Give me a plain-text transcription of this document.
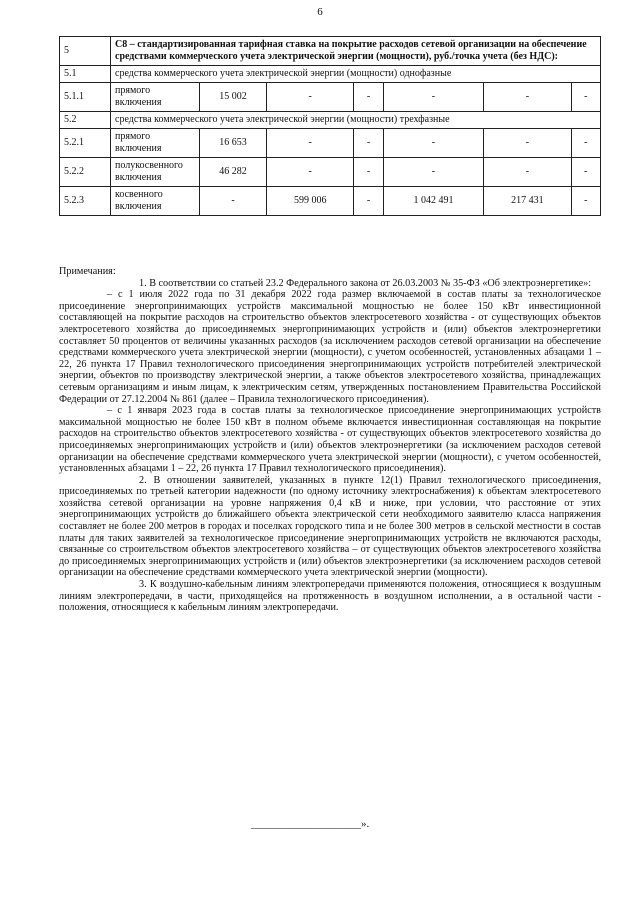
6
5	С8 – стандартизированная тарифная ставка на покрытие расходов сетевой организации на обеспечение средствами коммерческого учета электрической энергии (мощности), руб./точка учета (без НДС):						
5.1	средства коммерческого учета электрической энергии (мощности) однофазные						
5.1.1	прямого включения	15 002	-	-	-	-	-
5.2	средства коммерческого учета электрической энергии (мощности) трехфазные						
5.2.1	прямого включения	16 653	-	-	-	-	-
5.2.2	полукосвенного включения	46 282	-	-	-	-	-
5.2.3	косвенного включения	-	599 006	-	1 042 491	217 431	-

Примечания:

1. В соответствии со статьей 23.2 Федерального закона от 26.03.2003 № 35-ФЗ «Об электроэнергетике»:

– с 1 июля 2022 года по 31 декабря 2022 года размер включаемой в состав платы за технологическое присоединение энергопринимающих устройств максимальной мощностью не более 150 кВт инвестиционной составляющей на покрытие расходов на строительство объектов электросетевого хозяйства - от существующих объектов электросетевого хозяйства до присоединяемых энергопринимающих устройств и (или) объектов электроэнергетики составляет 50 процентов от величины указанных расходов (за исключением расходов сетевой организации на обеспечение средствами коммерческого учета электрической энергии (мощности), с учетом особенностей, установленных абзацами 1 – 22, 26 пункта 17 Правил технологического присоединения энергопринимающих устройств потребителей электрической энергии, объектов по производству электрической энергии, а также объектов электросетевого хозяйства, принадлежащих сетевым организациям и иным лицам, к электрическим сетям, утвержденных постановлением Правительства Российской Федерации от 27.12.2004 № 861 (далее – Правила технологического присоединения).

– с 1 января 2023 года в состав платы за технологическое присоединение энергопринимающих устройств максимальной мощностью не более 150 кВт в полном объеме включается инвестиционная составляющая на покрытие расходов на строительство объектов электросетевого хозяйства - от существующих объектов электросетевого хозяйства до присоединяемых энергопринимающих устройств и (или) объектов электроэнергетики (за исключением расходов сетевой организации на обеспечение средствами коммерческого учета электрической энергии (мощности), с учетом особенностей, установленных абзацами 1 – 22, 26 пункта 17 Правил технологического присоединения).

2. В отношении заявителей, указанных в пункте 12(1) Правил технологического присоединения, присоединяемых по третьей категории надежности (по одному источнику электроснабжения) к объектам электросетевого хозяйства сетевой организации на уровне напряжения 0,4 кВ и ниже, при условии, что расстояние от этих энергопринимающих устройств до ближайшего объекта электрической сети необходимого заявителю класса напряжения составляет не более 200 метров в городах и поселках городского типа и не более 300 метров в сельской местности в состав платы для таких заявителей за технологическое присоединение энергопринимающих устройств не включаются расходы, связанные со строительством объектов электросетевого хозяйства – от существующих объектов электросетевого хозяйства до присоединяемых энергопринимающих устройств и (или) объектов электроэнергетики (за исключением расходов сетевой организации на обеспечение средствами коммерческого учета электрической энергии (мощности).

3. К воздушно-кабельным линиям электропередачи применяются положения, относящиеся к воздушным линиям электропередачи, в части, приходящейся на протяженность в воздушном исполнении, а в остальной части - положения, относящиеся к кабельным линиям электропередачи.

____________________».
